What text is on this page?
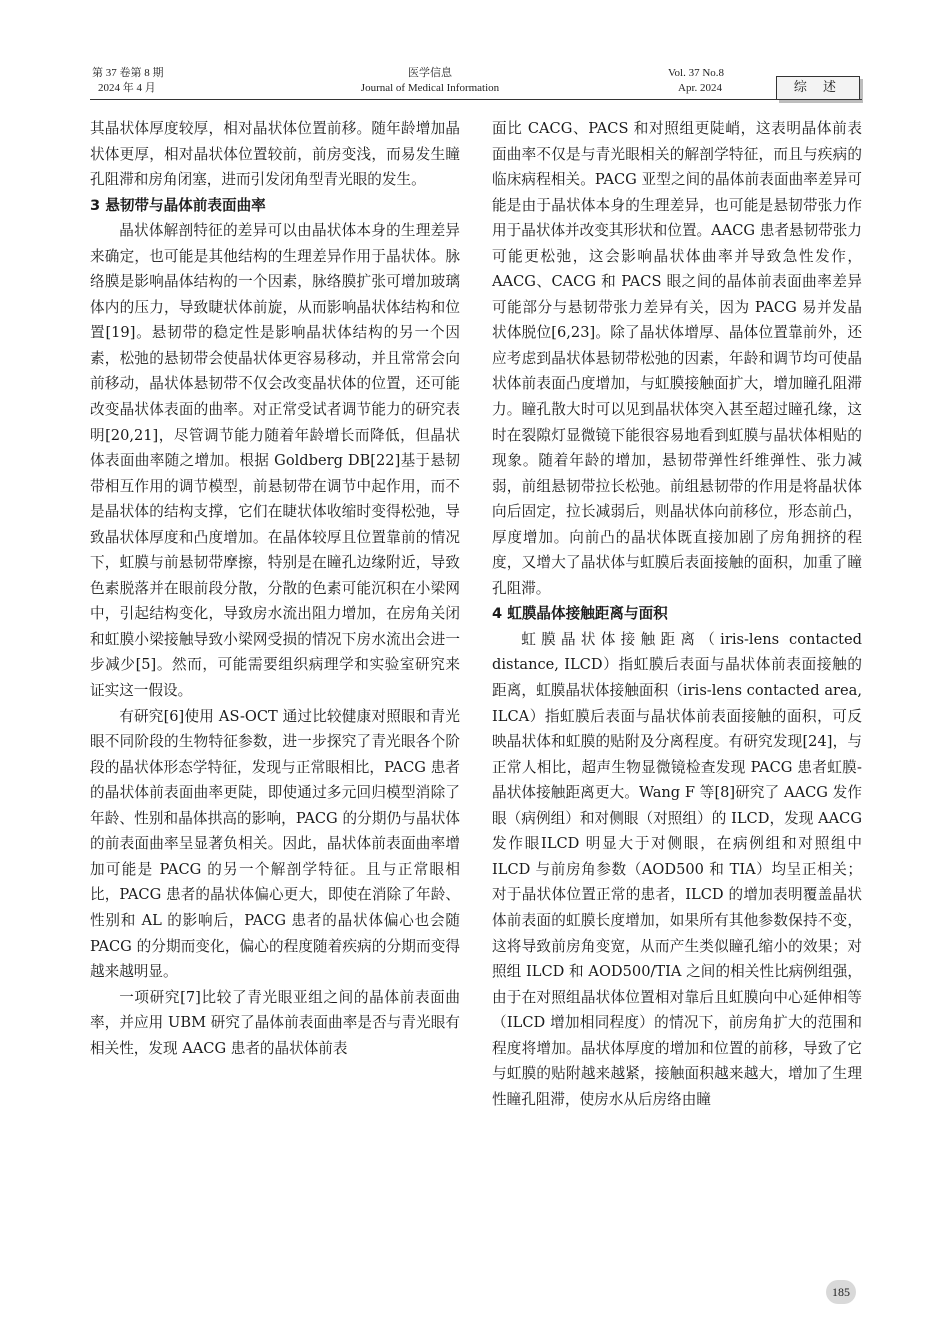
第 37 卷第 8 期
2024 年 4 月
医学信息
Journal of Medical Information
Vol. 37 No.8
Apr. 2024	综 述

其晶状体厚度较厚，相对晶状体位置前移。随年龄增加晶状体更厚，相对晶状体位置较前，前房变浅，而易发生瞳孔阻滞和房角闭塞，进而引发闭角型青光眼的发生。

3 悬韧带与晶体前表面曲率

晶状体解剖特征的差异可以由晶状体本身的生理差异来确定，也可能是其他结构的生理差异作用于晶状体。脉络膜是影响晶体结构的一个因素，脉络膜扩张可增加玻璃体内的压力，导致睫状体前旋，从而影响晶状体结构和位置[19]。悬韧带的稳定性是影响晶状体结构的另一个因素，松弛的悬韧带会使晶状体更容易移动，并且常常会向前移动，晶状体悬韧带不仅会改变晶状体的位置，还可能改变晶状体表面的曲率。对正常受试者调节能力的研究表明[20,21]，尽管调节能力随着年龄增长而降低，但晶状体表面曲率随之增加。根据 Goldberg DB[22]基于悬韧带相互作用的调节模型，前悬韧带在调节中起作用，而不是晶状体的结构支撑，它们在睫状体收缩时变得松弛，导致晶状体厚度和凸度增加。在晶体较厚且位置靠前的情况下，虹膜与前悬韧带摩擦，特别是在瞳孔边缘附近，导致色素脱落并在眼前段分散，分散的色素可能沉积在小梁网中，引起结构变化，导致房水流出阻力增加，在房角关闭和虹膜小梁接触导致小梁网受损的情况下房水流出会进一步减少[5]。然而，可能需要组织病理学和实验室研究来证实这一假设。

有研究[6]使用 AS-OCT 通过比较健康对照眼和青光眼不同阶段的生物特征参数，进一步探究了青光眼各个阶段的晶状体形态学特征，发现与正常眼相比，PACG 患者的晶状体前表面曲率更陡，即使通过多元回归模型消除了年龄、性别和晶体拱高的影响，PACG 的分期仍与晶状体的前表面曲率呈显著负相关。因此，晶状体前表面曲率增加可能是 PACG 的另一个解剖学特征。且与正常眼相比，PACG 患者的晶状体偏心更大，即使在消除了年龄、性别和 AL 的影响后，PACG 患者的晶状体偏心也会随 PACG 的分期而变化，偏心的程度随着疾病的分期而变得越来越明显。

一项研究[7]比较了青光眼亚组之间的晶体前表面曲率，并应用 UBM 研究了晶体前表面曲率是否与青光眼有相关性，发现 AACG 患者的晶状体前表

面比 CACG、PACS 和对照组更陡峭，这表明晶体前表面曲率不仅是与青光眼相关的解剖学特征，而且与疾病的临床病程相关。PACG 亚型之间的晶体前表面曲率差异可能是由于晶状体本身的生理差异，也可能是悬韧带张力作用于晶状体并改变其形状和位置。AACG 患者悬韧带张力可能更松弛，这会影响晶状体曲率并导致急性发作，AACG、CACG 和 PACS 眼之间的晶体前表面曲率差异可能部分与悬韧带张力差异有关，因为 PACG 易并发晶状体脱位[6,23]。除了晶状体增厚、晶体位置靠前外，还应考虑到晶状体悬韧带松弛的因素，年龄和调节均可使晶状体前表面凸度增加，与虹膜接触面扩大，增加瞳孔阻滞力。瞳孔散大时可以见到晶状体突入甚至超过瞳孔缘，这时在裂隙灯显微镜下能很容易地看到虹膜与晶状体相贴的现象。随着年龄的增加，悬韧带弹性纤维弹性、张力减弱，前组悬韧带拉长松弛。前组悬韧带的作用是将晶状体向后固定，拉长减弱后，则晶状体向前移位，形态前凸，厚度增加。向前凸的晶状体既直接加剧了房角拥挤的程度，又增大了晶状体与虹膜后表面接触的面积，加重了瞳孔阻滞。

4 虹膜晶体接触距离与面积

虹膜晶状体接触距离（iris-lens contacted distance, ILCD）指虹膜后表面与晶状体前表面接触的距离，虹膜晶状体接触面积（iris-lens contacted area, ILCA）指虹膜后表面与晶状体前表面接触的面积，可反映晶状体和虹膜的贴附及分离程度。有研究发现[24]，与正常人相比，超声生物显微镜检查发现 PACG 患者虹膜-晶状体接触距离更大。Wang F 等[8]研究了 AACG 发作眼（病例组）和对侧眼（对照组）的 ILCD，发现 AACG 发作眼ILCD 明显大于对侧眼，在病例组和对照组中 ILCD 与前房角参数（AOD500 和 TIA）均呈正相关；对于晶状体位置正常的患者，ILCD 的增加表明覆盖晶状体前表面的虹膜长度增加，如果所有其他参数保持不变，这将导致前房角变宽，从而产生类似瞳孔缩小的效果；对照组 ILCD 和 AOD500/TIA 之间的相关性比病例组强，由于在对照组晶状体位置相对靠后且虹膜向中心延伸相等（ILCD 增加相同程度）的情况下，前房角扩大的范围和程度将增加。晶状体厚度的增加和位置的前移，导致了它与虹膜的贴附越来越紧，接触面积越来越大，增加了生理性瞳孔阻滞，使房水从后房络由瞳

185
